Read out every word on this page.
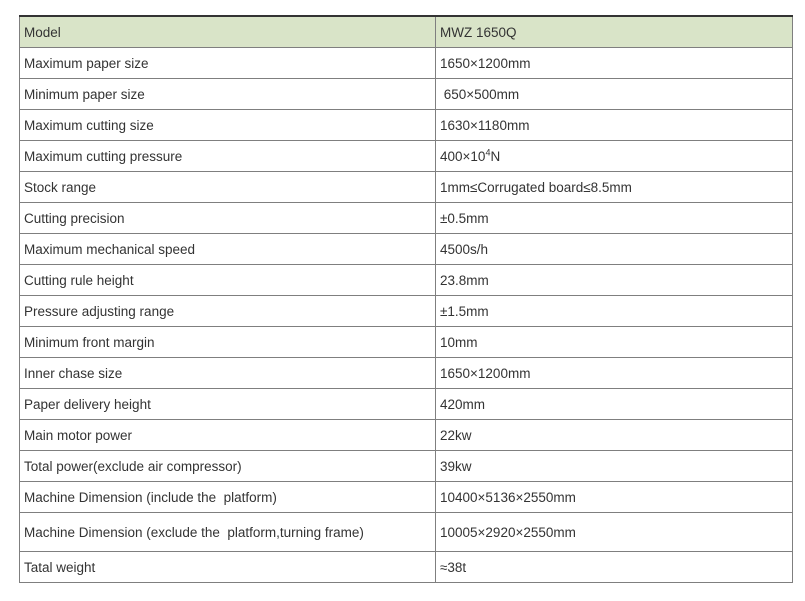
Model	MWZ 1650Q
Maximum paper size	1650×1200mm
Minimum paper size	650×500mm
Maximum cutting size	1630×1180mm
Maximum cutting pressure	$400\times 10^4N$
Stock range	1mm≤Corrugated board≤8.5mm
Cutting precision	±0.5mm
Maximum mechanical speed	4500s/h
Cutting rule height	23.8mm
Pressure adjusting range	±1.5mm
Minimum front margin	10mm
Inner chase size	1650×1200mm
Paper delivery height	420mm
Main motor power	22kw
Total power(exclude air compressor)	39kw
Machine Dimension (include the  platform)	10400×5136×2550mm
Machine Dimension (exclude the  platform,turning frame)	10005×2920×2550mm
Tatal weight	≈38t
